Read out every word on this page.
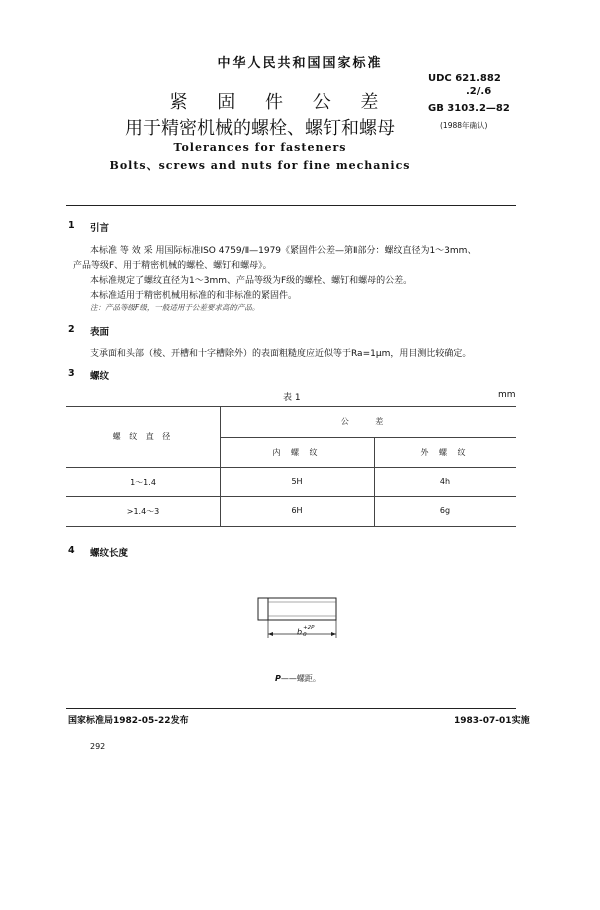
中华人民共和国国家标准
紧 固 件 公 差
用于精密机械的螺栓、螺钉和螺母
Tolerances for fasteners
Bolts、screws and nuts for fine mechanics
UDC 621.882
.2/.6
GB 3103.2—82
(1988年确认)
1 引言
本标准 等 效 采 用国际标准ISO 4759/Ⅱ—1979《紧固件公差—第Ⅱ部分：螺纹直径为1～3mm、
产品等级F、用于精密机械的螺栓、螺钉和螺母》。
本标准规定了螺纹直径为1～3mm、产品等级为F级的螺栓、螺钉和螺母的公差。
本标准适用于精密机械用标准的和非标准的紧固件。
注：产品等级F级，一般适用于公差要求高的产品。
2 表面
支承面和头部（棱、开槽和十字槽除外）的表面粗糙度应近似等于Ra=1μm，用目测比较确定。
3 螺纹
表 1	mm
螺 纹 直 径
公 差
内 螺 纹	外 螺 纹
1～1.4	5H	4h
>1.4～3	6H	6g
4 螺纹长度
b +2P
0
P——螺距。
国家标准局1982-05-22发布	1983-07-01实施
292
